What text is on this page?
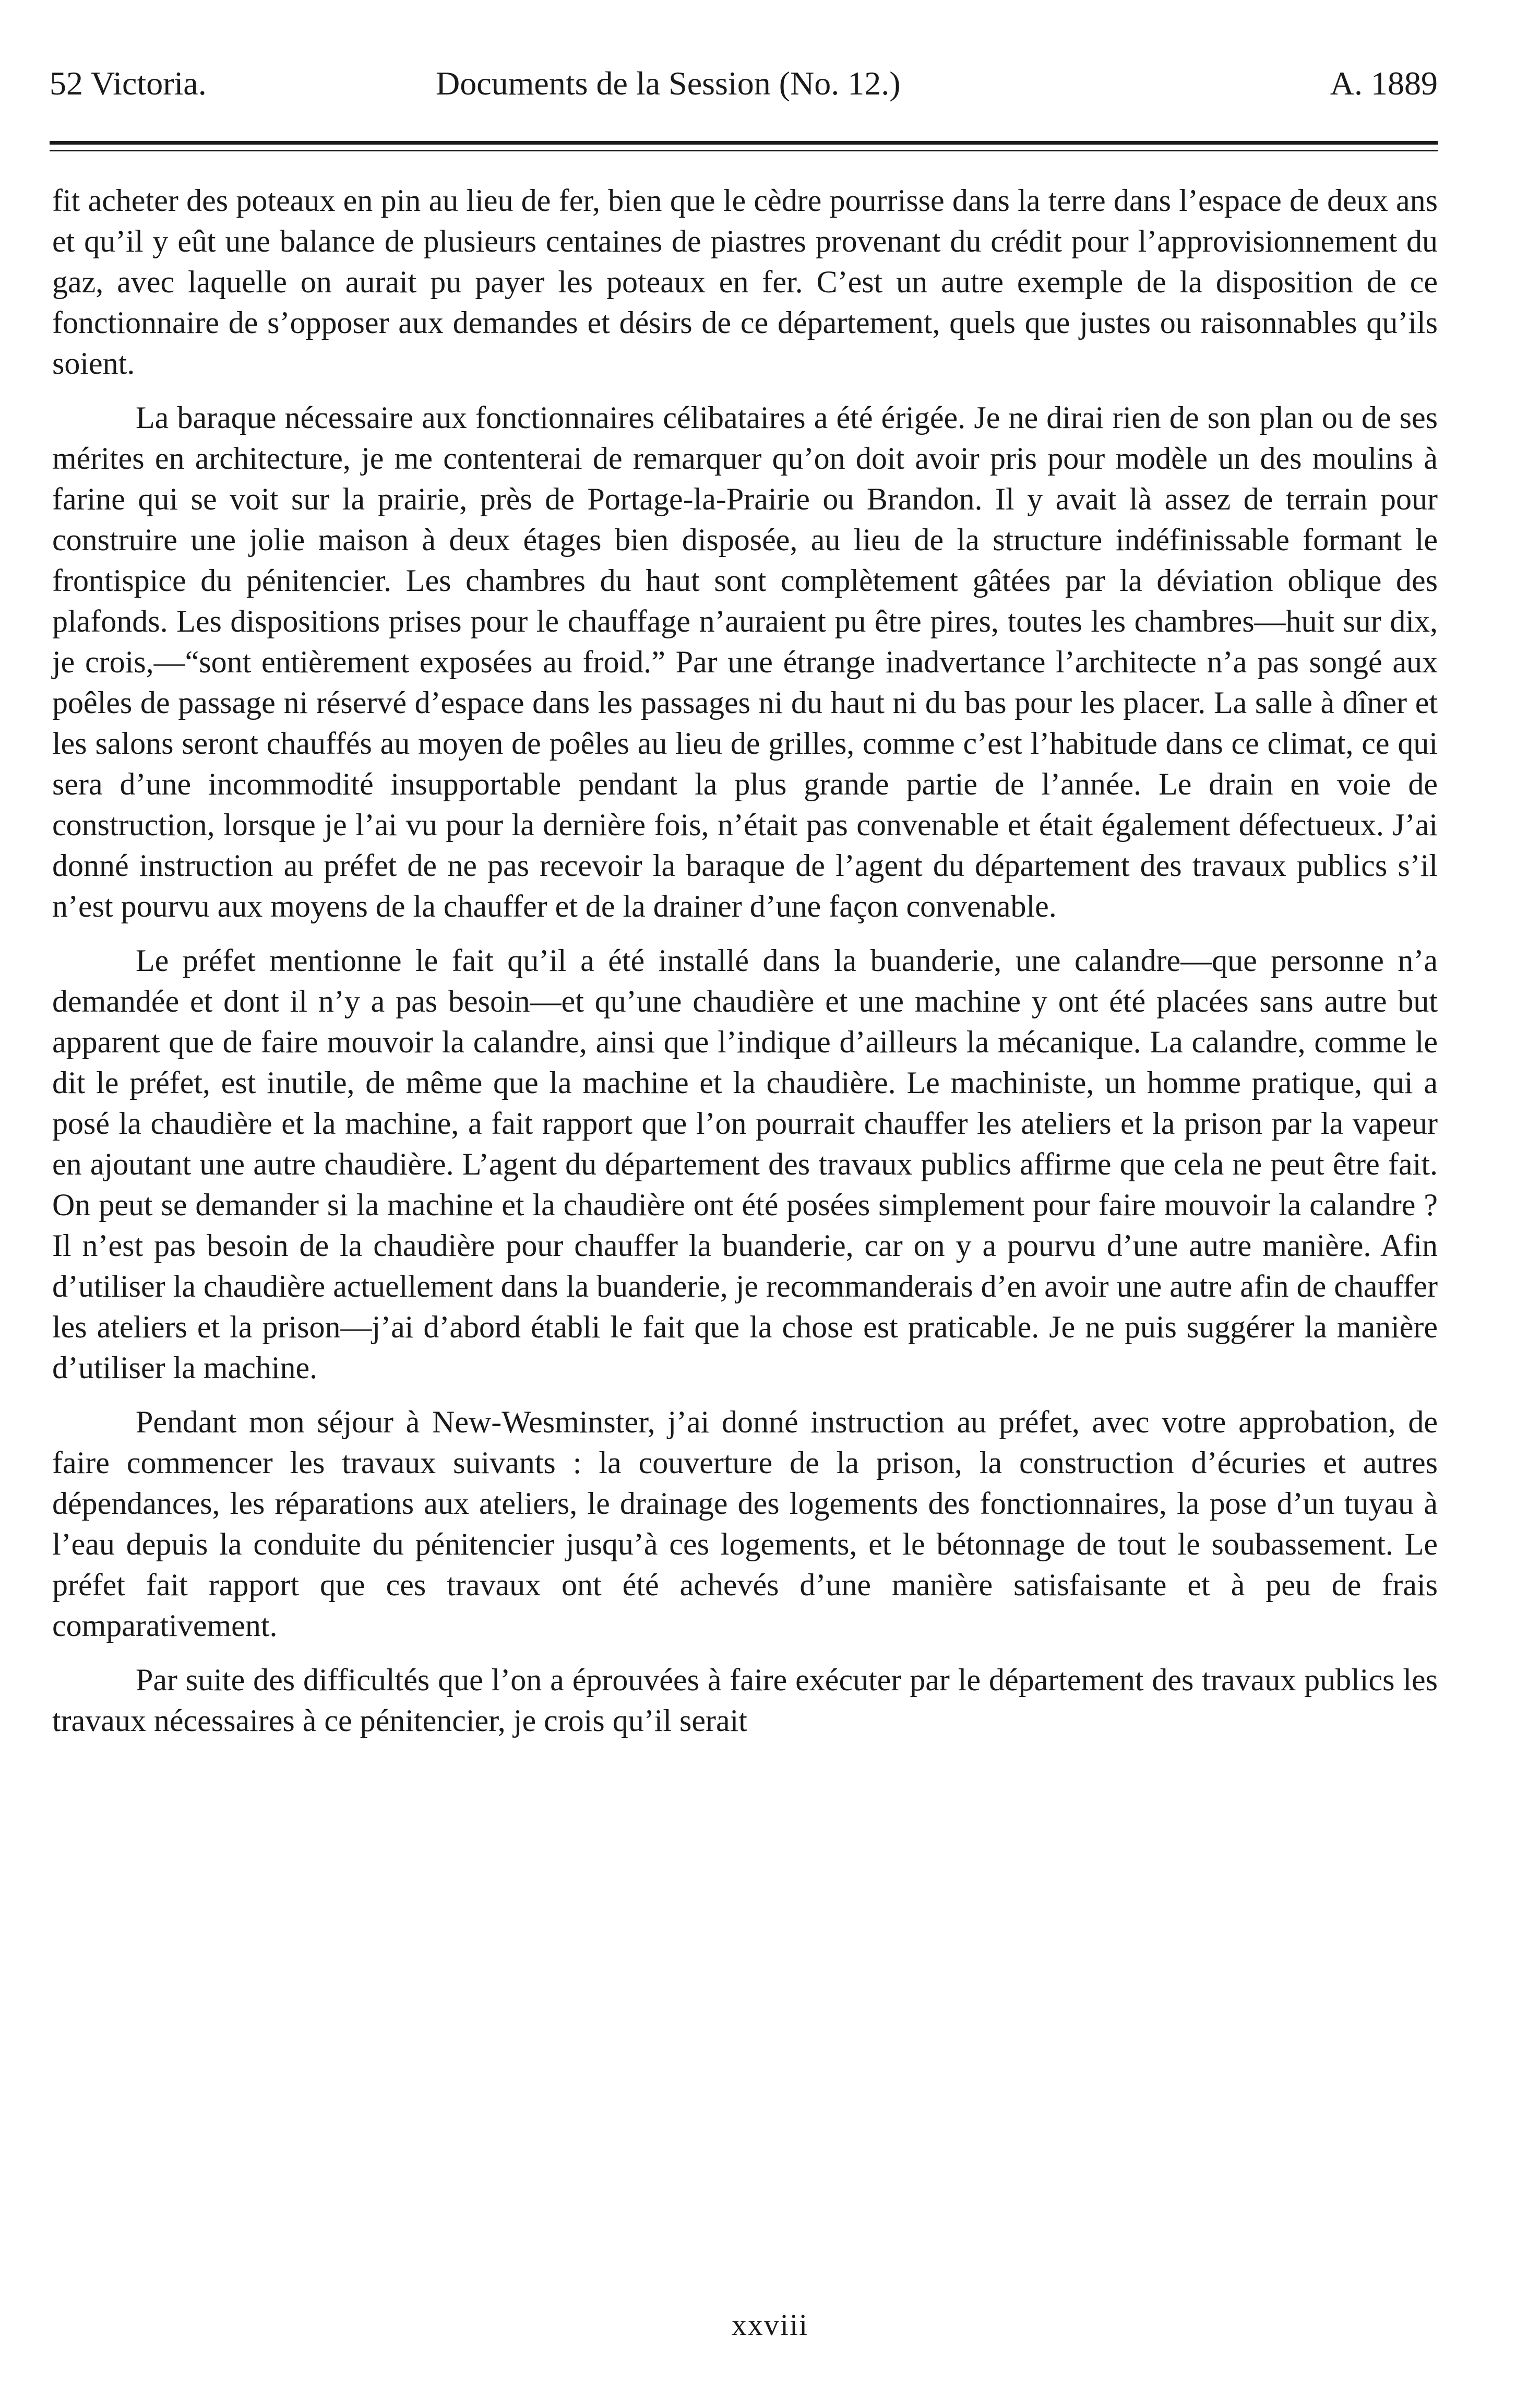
52 Victoria.	Documents de la Session (No. 12.)	A. 1889

fit acheter des poteaux en pin au lieu de fer, bien que le cèdre pourrisse dans la terre dans l’espace de deux ans et qu’il y eût une balance de plusieurs centaines de piastres provenant du crédit pour l’approvisionnement du gaz, avec laquelle on aurait pu payer les poteaux en fer. C’est un autre exemple de la disposition de ce fonctionnaire de s’opposer aux demandes et désirs de ce département, quels que justes ou raisonnables qu’ils soient.

La baraque nécessaire aux fonctionnaires célibataires a été érigée. Je ne dirai rien de son plan ou de ses mérites en architecture, je me contenterai de remarquer qu’on doit avoir pris pour modèle un des moulins à farine qui se voit sur la prairie, près de Portage-la-Prairie ou Brandon. Il y avait là assez de terrain pour construire une jolie maison à deux étages bien disposée, au lieu de la structure indéfinissable formant le frontispice du pénitencier. Les chambres du haut sont complètement gâtées par la déviation oblique des plafonds. Les dispositions prises pour le chauffage n’auraient pu être pires, toutes les chambres—huit sur dix, je crois,—“sont entièrement exposées au froid.” Par une étrange inadvertance l’architecte n’a pas songé aux poêles de passage ni réservé d’espace dans les passages ni du haut ni du bas pour les placer. La salle à dîner et les salons seront chauffés au moyen de poêles au lieu de grilles, comme c’est l’habitude dans ce climat, ce qui sera d’une incommodité insupportable pendant la plus grande partie de l’année. Le drain en voie de construction, lorsque je l’ai vu pour la dernière fois, n’était pas convenable et était également défectueux. J’ai donné instruction au préfet de ne pas recevoir la baraque de l’agent du département des travaux publics s’il n’est pourvu aux moyens de la chauffer et de la drainer d’une façon convenable.

Le préfet mentionne le fait qu’il a été installé dans la buanderie, une calandre—que personne n’a demandée et dont il n’y a pas besoin—et qu’une chaudière et une machine y ont été placées sans autre but apparent que de faire mouvoir la calandre, ainsi que l’indique d’ailleurs la mécanique. La calandre, comme le dit le préfet, est inutile, de même que la machine et la chaudière. Le machiniste, un homme pratique, qui a posé la chaudière et la machine, a fait rapport que l’on pourrait chauffer les ateliers et la prison par la vapeur en ajoutant une autre chaudière. L’agent du département des travaux publics affirme que cela ne peut être fait. On peut se demander si la machine et la chaudière ont été posées simplement pour faire mouvoir la calandre ? Il n’est pas besoin de la chaudière pour chauffer la buanderie, car on y a pourvu d’une autre manière. Afin d’utiliser la chaudière actuellement dans la buanderie, je recommanderais d’en avoir une autre afin de chauffer les ateliers et la prison—j’ai d’abord établi le fait que la chose est praticable. Je ne puis suggérer la manière d’utiliser la machine.

Pendant mon séjour à New-Wesminster, j’ai donné instruction au préfet, avec votre approbation, de faire commencer les travaux suivants : la couverture de la prison, la construction d’écuries et autres dépendances, les réparations aux ateliers, le drainage des logements des fonctionnaires, la pose d’un tuyau à l’eau depuis la conduite du pénitencier jusqu’à ces logements, et le bétonnage de tout le soubassement. Le préfet fait rapport que ces travaux ont été achevés d’une manière satisfaisante et à peu de frais comparativement.

Par suite des difficultés que l’on a éprouvées à faire exécuter par le département des travaux publics les travaux nécessaires à ce pénitencier, je crois qu’il serait

xxviii
